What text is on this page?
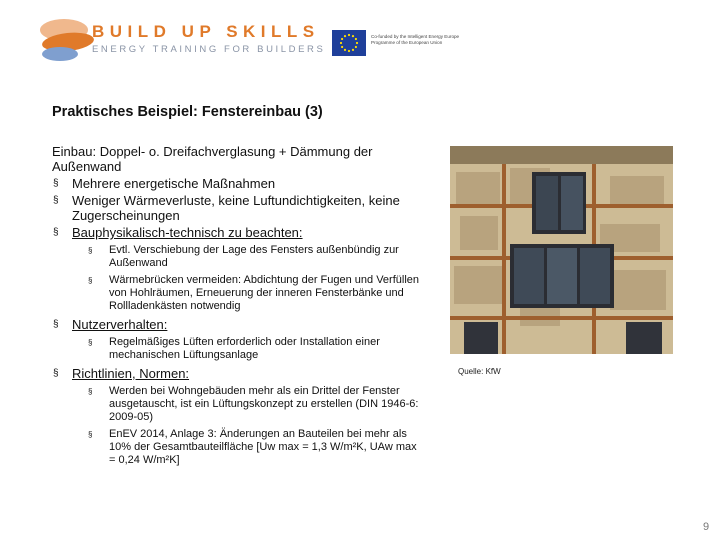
BUILD UP SKILLS
ENERGY TRAINING FOR BUILDERS
Co-funded by the Intelligent Energy Europe Programme of the European Union
Praktisches Beispiel: Fenstereinbau (3)
Einbau: Doppel- o. Dreifachverglasung + Dämmung der Außenwand
§ Mehrere energetische Maßnahmen
§ Weniger Wärmeverluste, keine Luftundichtigkeiten, keine Zugerscheinungen
§ Bauphysikalisch-technisch zu beachten:
§ Evtl. Verschiebung der Lage des Fensters außenbündig zur Außenwand
§ Wärmebrücken vermeiden: Abdichtung der Fugen und Verfüllen von Hohlräumen, Erneuerung der inneren Fensterbänke und Rollladenkästen notwendig
§ Nutzerverhalten:
§ Regelmäßiges Lüften erforderlich oder Installation einer mechanischen Lüftungsanlage
§ Richtlinien, Normen:
§ Werden bei Wohngebäuden mehr als ein Drittel der Fenster ausgetauscht, ist ein Lüftungskonzept zu erstellen (DIN 1946-6: 2009-05)
§ EnEV 2014, Anlage 3: Änderungen an Bauteilen bei mehr als 10% der Gesamtbauteilfläche [Uw max = 1,3 W/m²K, UAw max = 0,24 W/m²K]
Quelle: KfW
9
